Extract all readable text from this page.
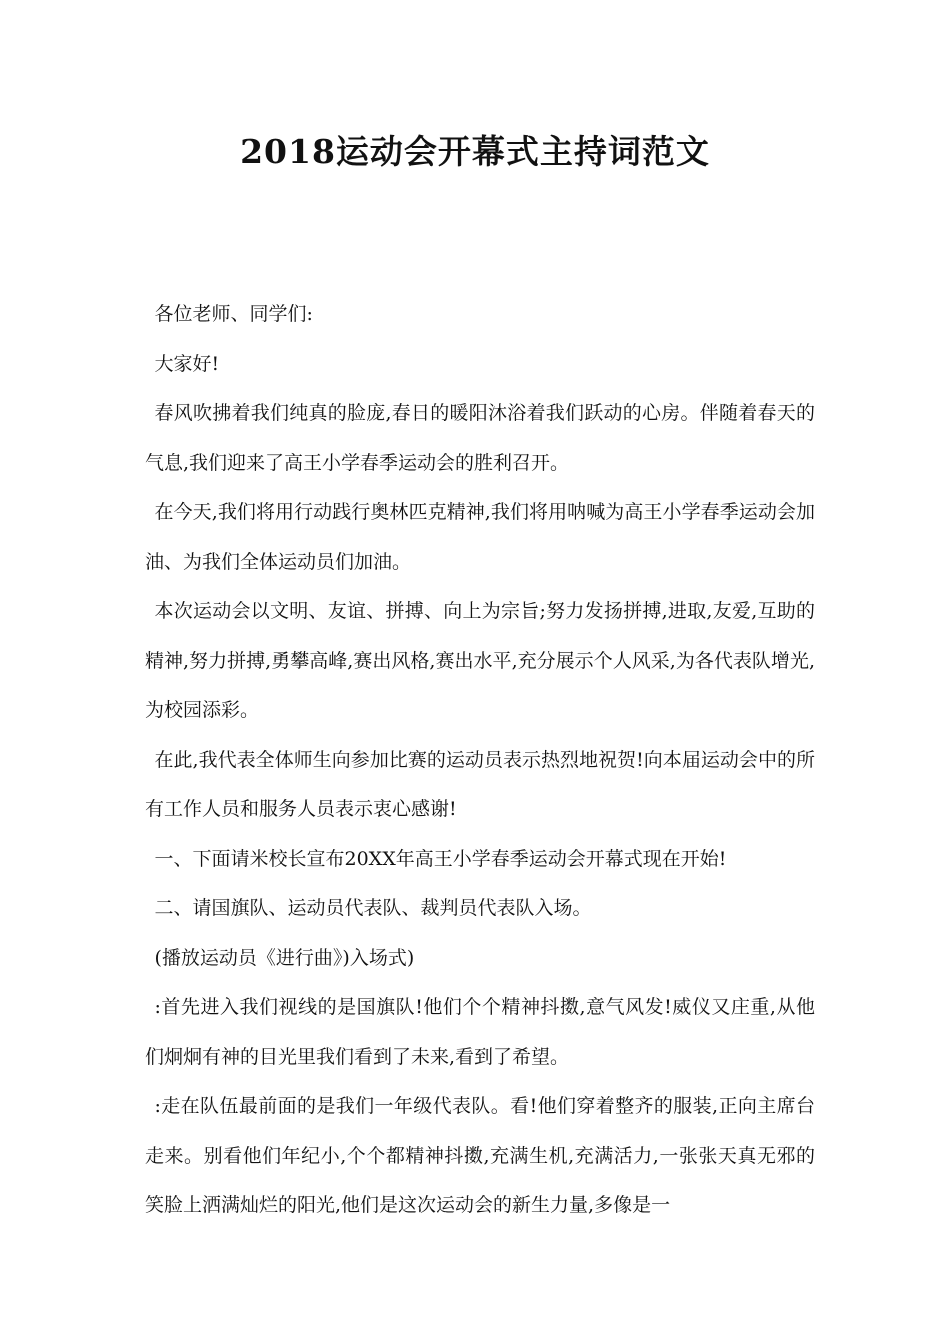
2018运动会开幕式主持词范文

各位老师、同学们:

大家好!

春风吹拂着我们纯真的脸庞,春日的暖阳沐浴着我们跃动的心房。伴随着春天的气息,我们迎来了高王小学春季运动会的胜利召开。

在今天,我们将用行动践行奥林匹克精神,我们将用呐喊为高王小学春季运动会加油、为我们全体运动员们加油。

本次运动会以文明、友谊、拼搏、向上为宗旨;努力发扬拼搏,进取,友爱,互助的精神,努力拼搏,勇攀高峰,赛出风格,赛出水平,充分展示个人风采,为各代表队增光,为校园添彩。

在此,我代表全体师生向参加比赛的运动员表示热烈地祝贺!向本届运动会中的所有工作人员和服务人员表示衷心感谢!

一、下面请米校长宣布20XX年高王小学春季运动会开幕式现在开始!

二、请国旗队、运动员代表队、裁判员代表队入场。

(播放运动员《进行曲》)入场式)

:首先进入我们视线的是国旗队!他们个个精神抖擞,意气风发!威仪又庄重,从他们炯炯有神的目光里我们看到了未来,看到了希望。

:走在队伍最前面的是我们一年级代表队。看!他们穿着整齐的服装,正向主席台走来。别看他们年纪小,个个都精神抖擞,充满生机,充满活力,一张张天真无邪的笑脸上洒满灿烂的阳光,他们是这次运动会的新生力量,多像是一
